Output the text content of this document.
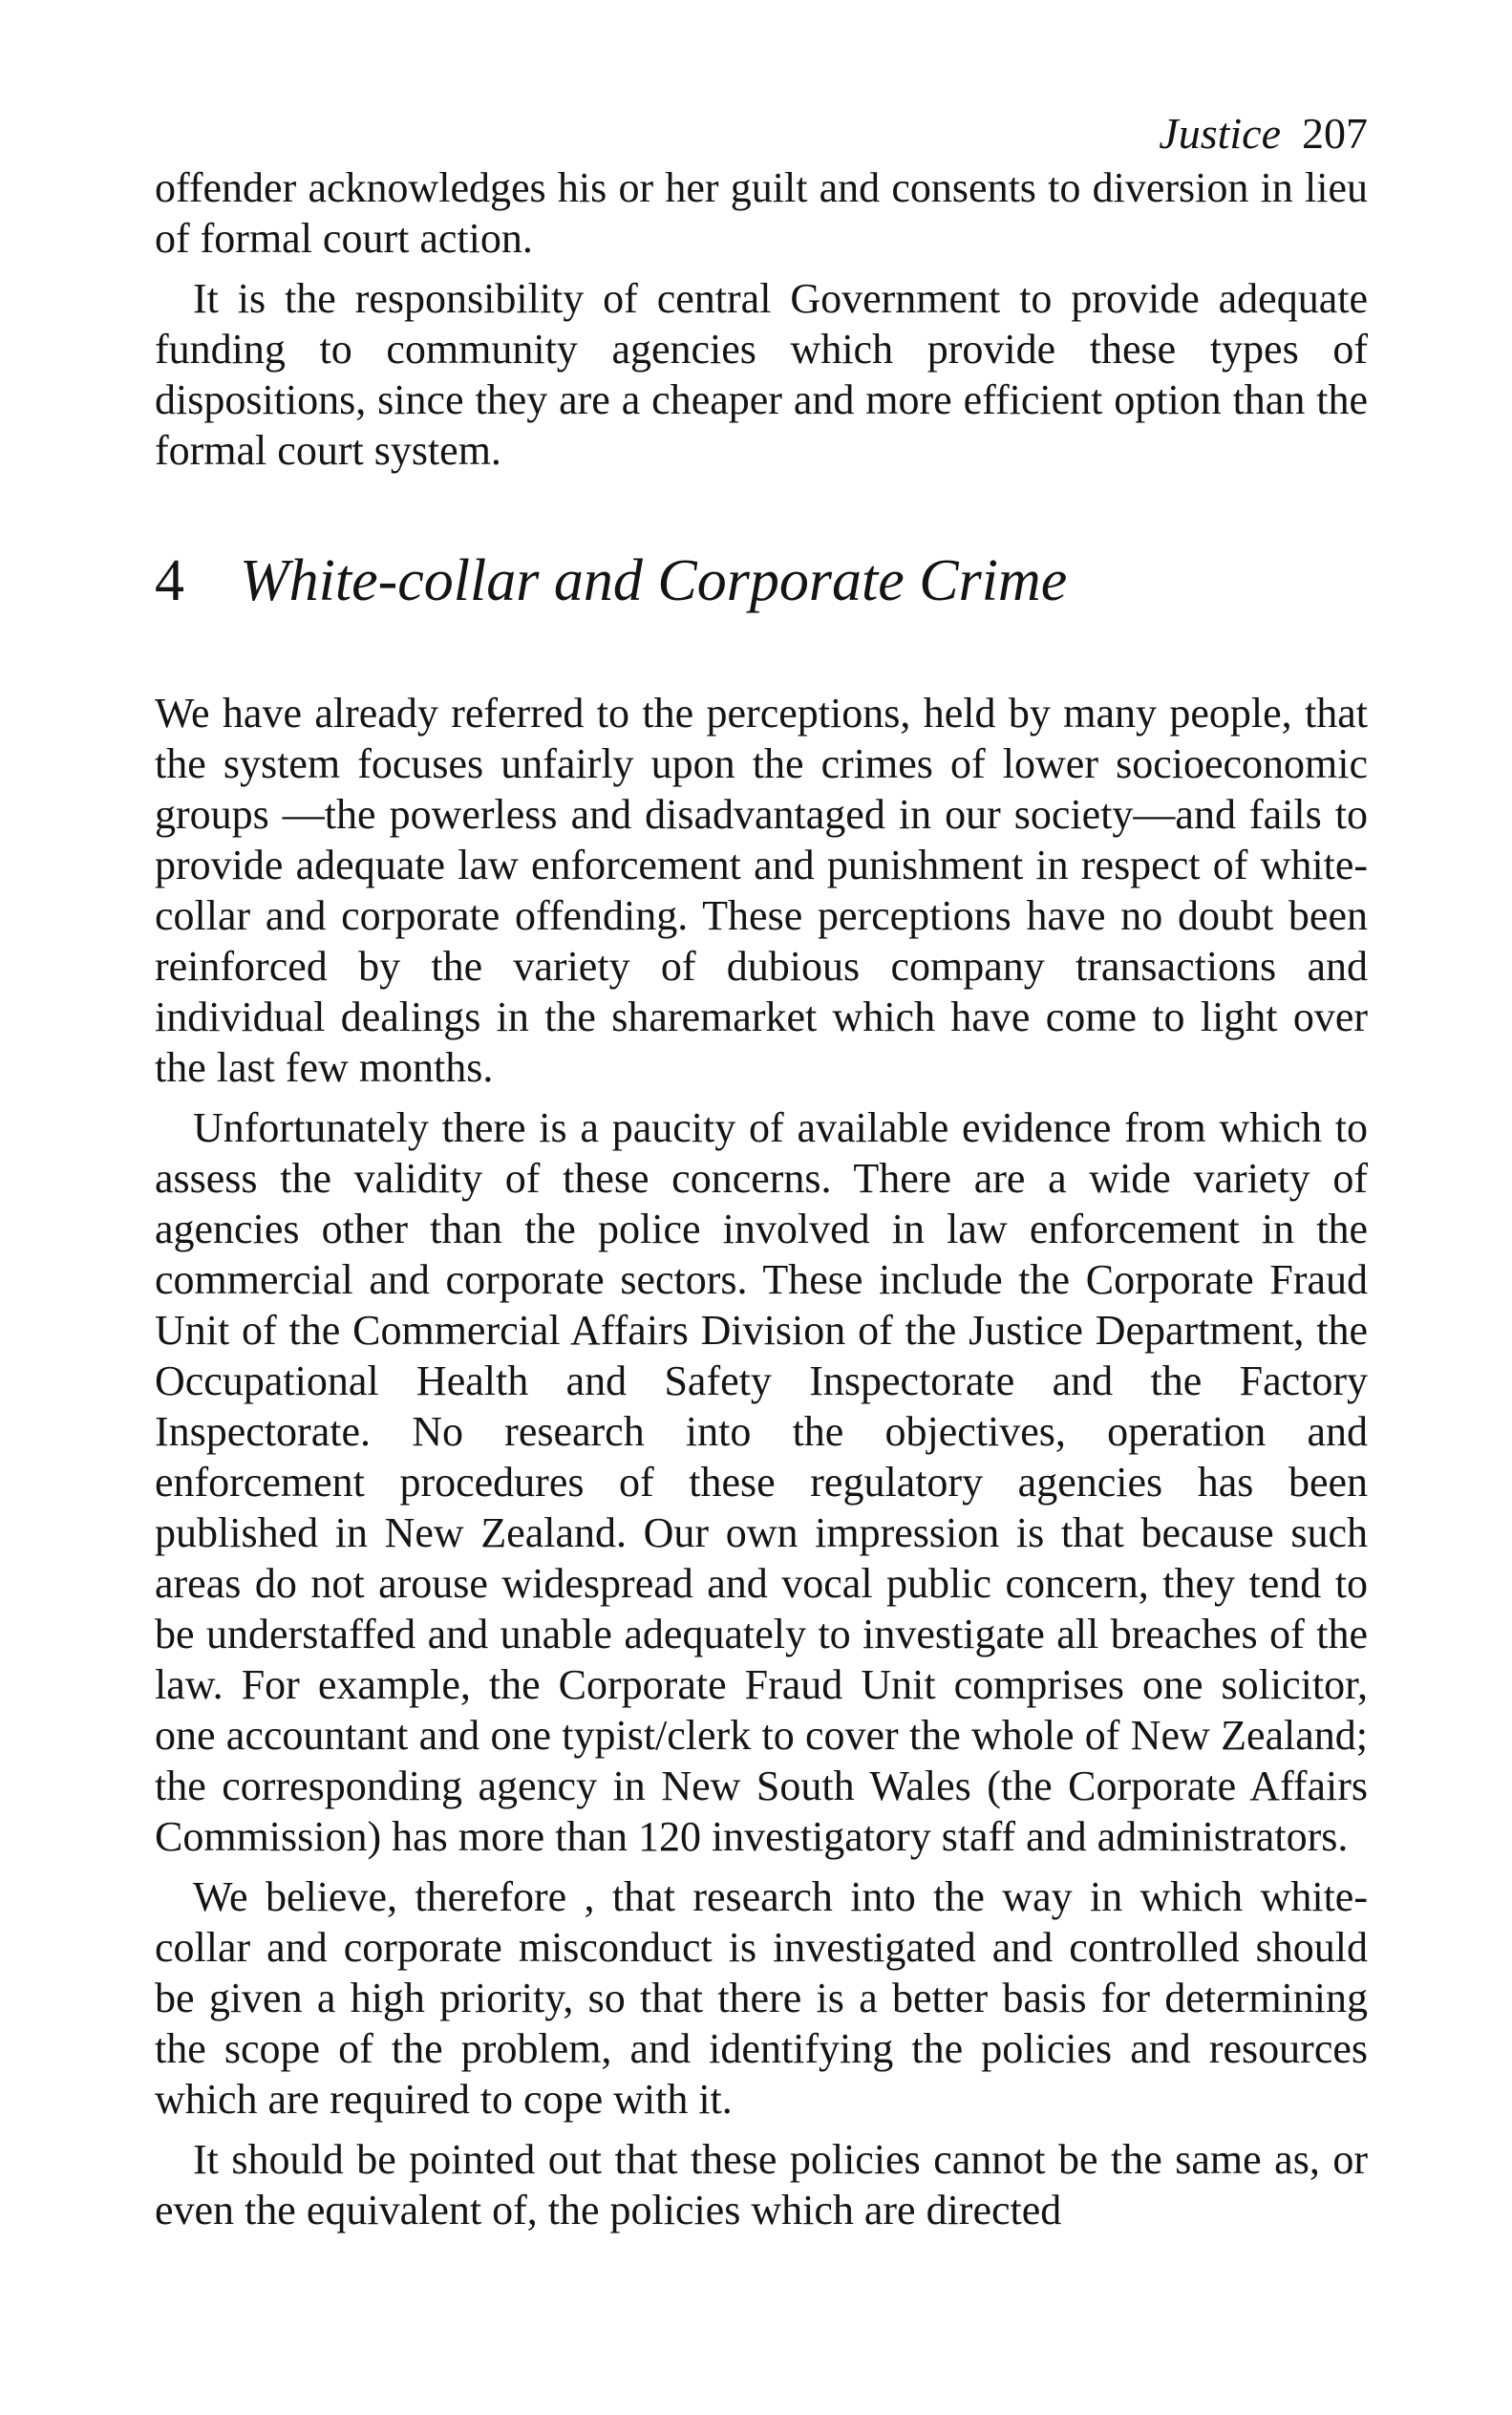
Justice 207

offender acknowledges his or her guilt and consents to diversion in lieu of formal court action.

It is the responsibility of central Government to provide adequate funding to community agencies which provide these types of dispositions, since they are a cheaper and more efficient option than the formal court system.

4 White-collar and Corporate Crime

We have already referred to the perceptions, held by many people, that the system focuses unfairly upon the crimes of lower socioeconomic groups —the powerless and disadvantaged in our society—and fails to provide adequate law enforcement and punishment in respect of white-collar and corporate offending. These perceptions have no doubt been reinforced by the variety of dubious company transactions and individual dealings in the sharemarket which have come to light over the last few months.

Unfortunately there is a paucity of available evidence from which to assess the validity of these concerns. There are a wide variety of agencies other than the police involved in law enforcement in the commercial and corporate sectors. These include the Corporate Fraud Unit of the Commercial Affairs Division of the Justice Department, the Occupational Health and Safety Inspectorate and the Factory Inspectorate. No research into the objectives, operation and enforcement procedures of these regulatory agencies has been published in New Zealand. Our own impression is that because such areas do not arouse widespread and vocal public concern, they tend to be understaffed and unable adequately to investigate all breaches of the law. For example, the Corporate Fraud Unit comprises one solicitor, one accountant and one typist/clerk to cover the whole of New Zealand; the corresponding agency in New South Wales (the Corporate Affairs Commission) has more than 120 investigatory staff and administrators.

We believe, therefore , that research into the way in which white-collar and corporate misconduct is investigated and controlled should be given a high priority, so that there is a better basis for determining the scope of the problem, and identifying the policies and resources which are required to cope with it.

It should be pointed out that these policies cannot be the same as, or even the equivalent of, the policies which are directed
